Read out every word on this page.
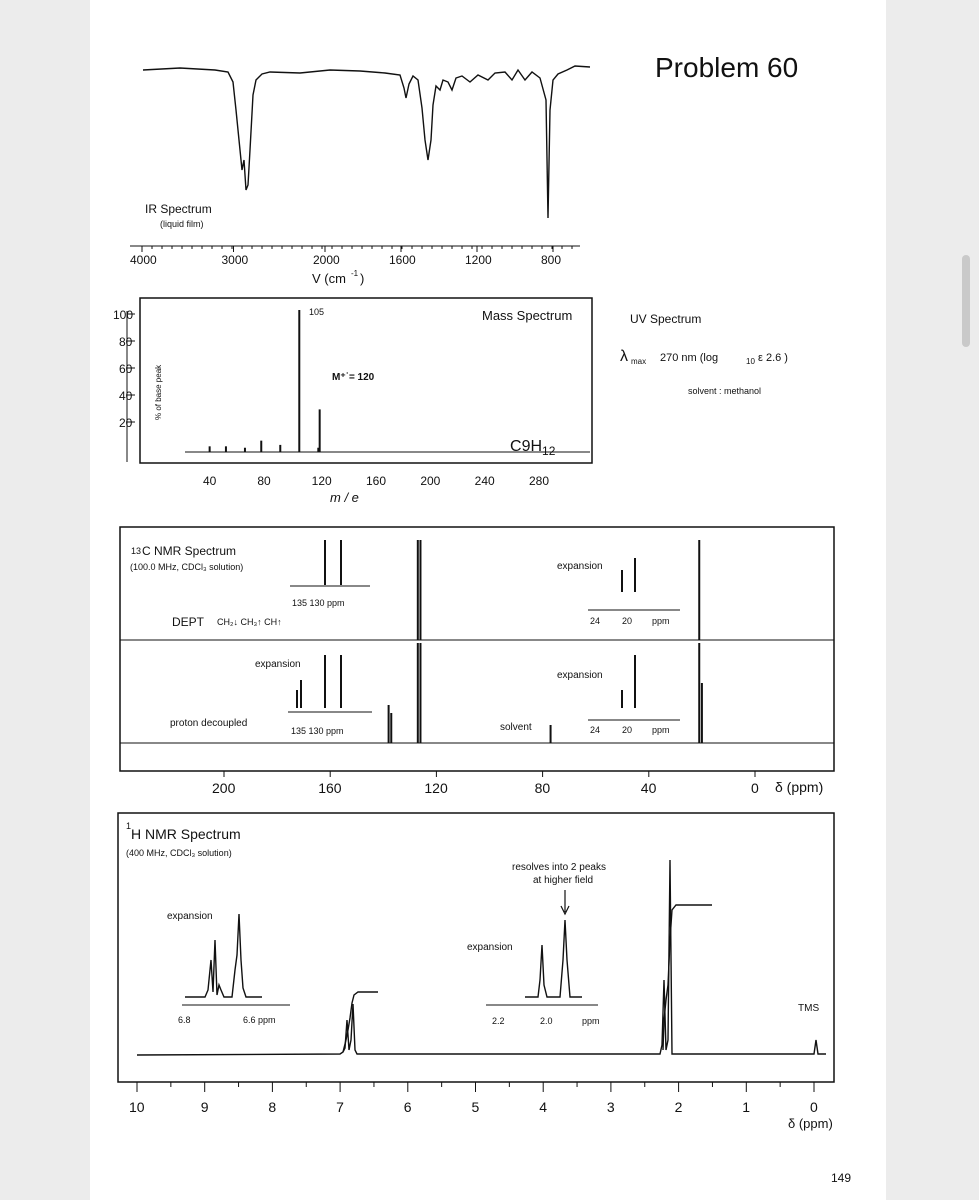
Problem 60
IR Spectrum
(liquid film)
4000	3000	2000	1600	1200	800
V (cm -1 )
100
80
60
40
20
% of base peak
105
M⁺˙= 120
Mass Spectrum
$C9H_{12}$
40	80	120	160	200	240	280
m / e
UV Spectrum
λ max 270 nm (log	10 ε 2.6 )
solvent : methanol
13 C NMR Spectrum
(100.0 MHz, CDCl₃ solution)
DEPT CH₂↓ CH₃↑ CH↑
expansion
proton decoupled
expansion
expansion
solvent
135 130 ppm
24 20 ppm
135 130 ppm	24 20 ppm
200	160	120	80	40	0 δ (ppm)
1 H NMR Spectrum
(400 MHz, CDCl₃ solution)
expansion
expansion
resolves into 2 peaks
at higher field
TMS
6.8	6.6 ppm	2.2	2.0	ppm
10	9	8	7	6	5	4	3	2	1	0
δ (ppm)
149
